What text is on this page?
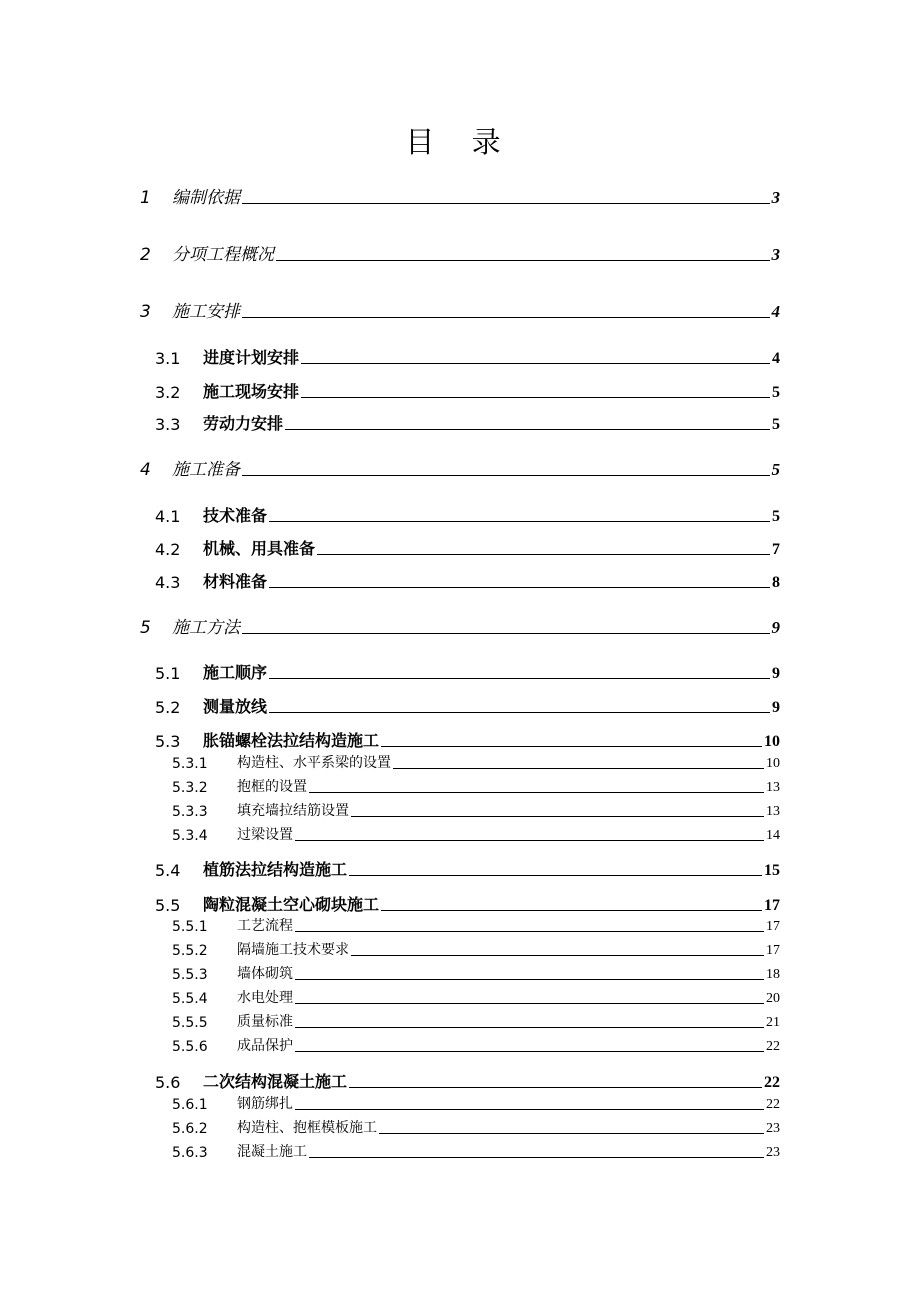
目 录
1	编制依据	3
2	分项工程概况	3
3	施工安排	4
3.1	进度计划安排	4
3.2	施工现场安排	5
3.3	劳动力安排	5
4	施工准备	5
4.1	技术准备	5
4.2	机械、用具准备	7
4.3	材料准备	8
5	施工方法	9
5.1	施工顺序	9
5.2	测量放线	9
5.3	胀锚螺栓法拉结构造施工	10
5.3.1	构造柱、水平系梁的设置	10
5.3.2	抱框的设置	13
5.3.3	填充墙拉结筋设置	13
5.3.4	过梁设置	14
5.4	植筋法拉结构造施工	15
5.5	陶粒混凝土空心砌块施工	17
5.5.1	工艺流程	17
5.5.2	隔墙施工技术要求	17
5.5.3	墙体砌筑	18
5.5.4	水电处理	20
5.5.5	质量标准	21
5.5.6	成品保护	22
5.6	二次结构混凝土施工	22
5.6.1	钢筋绑扎	22
5.6.2	构造柱、抱框模板施工	23
5.6.3	混凝土施工	23
